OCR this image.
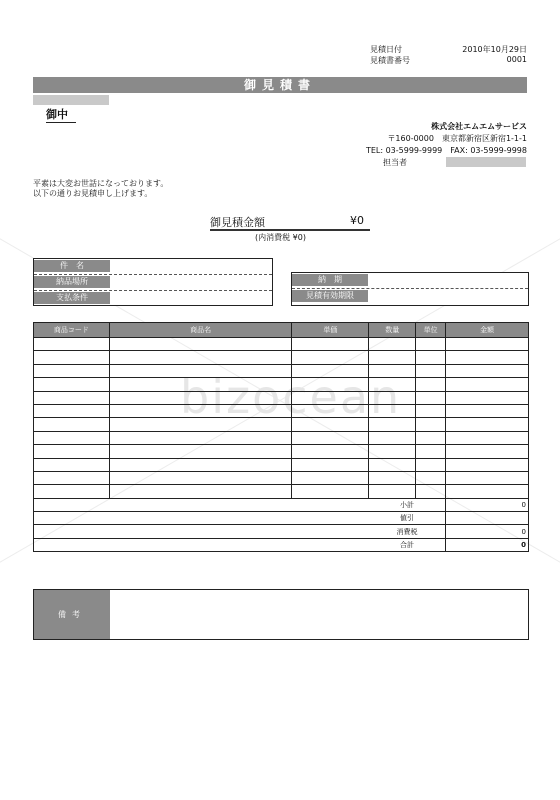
bizocean
見積日付	2010年10月29日
見積書番号	0001
御見積書
御中
株式会社エムエムサービス
〒160-0000　東京都新宿区新宿1-1-1
TEL: 03-5999-9999　FAX: 03-5999-9998
担当者
平素は大変お世話になっております。
以下の通りお見積申し上げます。
御見積金額	¥0
(内消費税 ¥0)
件　名
納品場所
支払条件
納　期
見積有効期限
商品コード	商品名	単価	数量	単位	金額

			小計		0
			値引		
			消費税		0
			合計		0
備考
